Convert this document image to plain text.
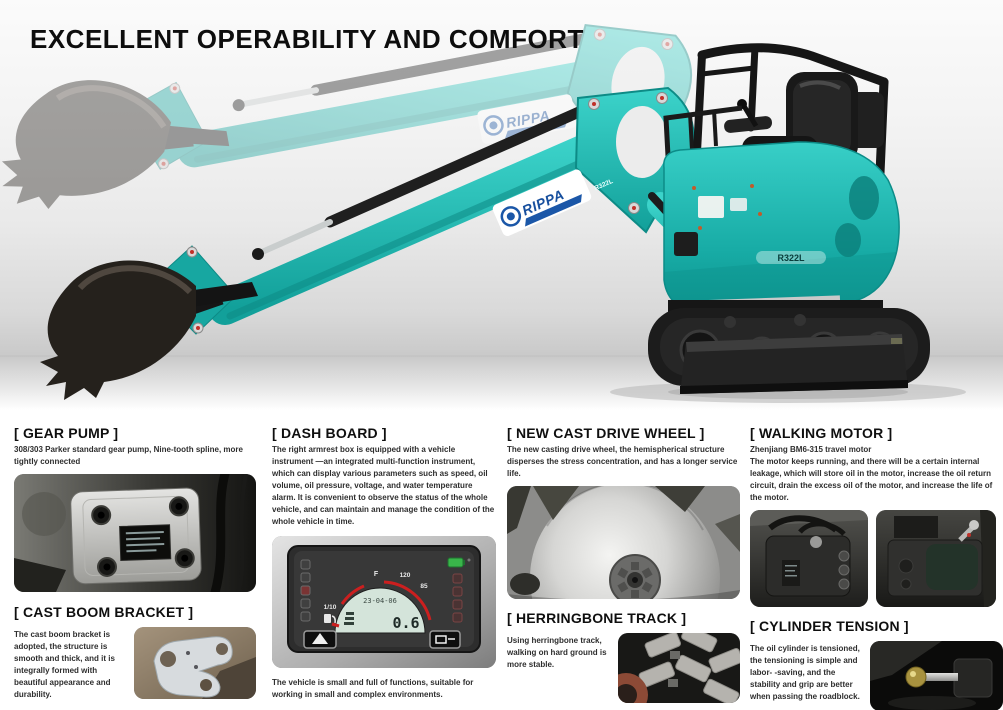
EXCELLENT OPERABILITY AND COMFORT
R322L
[ GEAR PUMP ]

308/303 Parker standard gear pump, Nine-tooth spline, more tightly connected

[ CAST BOOM BRACKET ]

The cast boom bracket is adopted, the structure is smooth and thick, and it is integrally formed with beautiful appearance and durability.

[ DASH BOARD ]

The right armrest box is equipped with a vehicle instrument —an integrated multi-function instrument, which can display various parameters such as speed, oil volume, oil pressure, voltage, and water temperature alarm. It is convenient to observe the status of the whole vehicle, and can maintain and manage the condition of the whole vehicle in time.

F	120
85
1/10
23-04-06
0.6

The vehicle is small and full of functions, suitable for working in small and complex environments.

[ NEW CAST DRIVE WHEEL ]

The new casting drive wheel, the hemispherical structure disperses the stress concentration, and has a longer service life.

[ HERRINGBONE TRACK ]

Using herringbone track, walking on hard ground is more stable.

[ WALKING MOTOR ]

Zhenjiang BM6-315 travel motor

The motor keeps running, and there will be a certain internal leakage, which will store oil in the motor, increase the oil return circuit, drain the excess oil of the motor, and increase the life of the motor.

[ CYLINDER TENSION ]

The oil cylinder is tensioned, the tensioning is simple and labor- -saving, and the stability and grip are better when passing the roadblock.
